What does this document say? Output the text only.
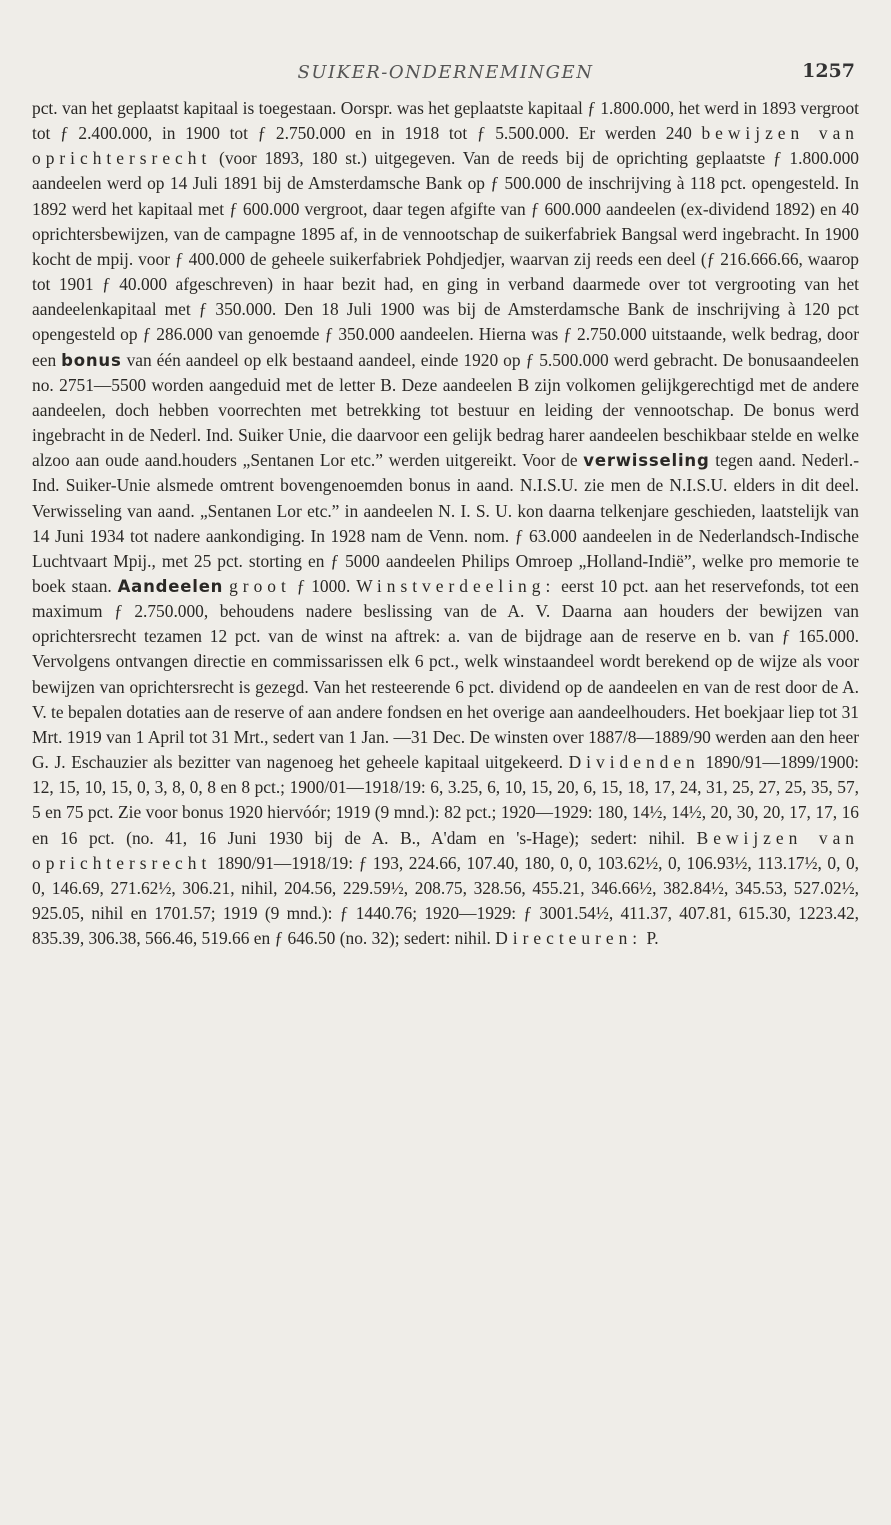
SUIKER-ONDERNEMINGEN	1257

pct. van het geplaatst kapitaal is toegestaan. Oorspr. was het geplaatste kapitaal ƒ 1.800.000, het werd in 1893 vergroot tot ƒ 2.400.000, in 1900 tot ƒ 2.750.000 en in 1918 tot ƒ 5.500.000. Er werden 240 bewijzen van oprichtersrecht (voor 1893, 180 st.) uitgegeven. Van de reeds bij de oprichting geplaatste ƒ 1.800.000 aandeelen werd op 14 Juli 1891 bij de Amsterdamsche Bank op ƒ 500.000 de inschrijving à 118 pct. opengesteld. In 1892 werd het kapitaal met ƒ 600.000 vergroot, daar tegen afgifte van ƒ 600.000 aandeelen (ex-dividend 1892) en 40 oprichtersbewijzen, van de campagne 1895 af, in de vennootschap de suikerfabriek Bangsal werd ingebracht. In 1900 kocht de mpij. voor ƒ 400.000 de geheele suikerfabriek Pohdjedjer, waarvan zij reeds een deel (ƒ 216.666.66, waarop tot 1901 ƒ 40.000 afgeschreven) in haar bezit had, en ging in verband daarmede over tot vergrooting van het aandeelenkapitaal met ƒ 350.000. Den 18 Juli 1900 was bij de Amsterdamsche Bank de inschrijving à 120 pct opengesteld op ƒ 286.000 van genoemde ƒ 350.000 aandeelen. Hierna was ƒ 2.750.000 uitstaande, welk bedrag, door een bonus van één aandeel op elk bestaand aandeel, einde 1920 op ƒ 5.500.000 werd gebracht. De bonusaandeelen no. 2751—5500 worden aangeduid met de letter B. Deze aandeelen B zijn volkomen gelijkgerechtigd met de andere aandeelen, doch hebben voorrechten met betrekking tot bestuur en leiding der vennootschap. De bonus werd ingebracht in de Nederl. Ind. Suiker Unie, die daarvoor een gelijk bedrag harer aandeelen beschikbaar stelde en welke alzoo aan oude aand.houders „Sentanen Lor etc.” werden uitgereikt. Voor de verwisseling tegen aand. Nederl.-Ind. Suiker-Unie alsmede omtrent bovengenoemden bonus in aand. N.I.S.U. zie men de N.I.S.U. elders in dit deel. Verwisseling van aand. „Sentanen Lor etc.” in aandeelen N. I. S. U. kon daarna telkenjare geschieden, laatstelijk van 14 Juni 1934 tot nadere aankondiging. In 1928 nam de Venn. nom. ƒ 63.000 aandeelen in de Nederlandsch-Indische Luchtvaart Mpij., met 25 pct. storting en ƒ 5000 aandeelen Philips Omroep „Holland-Indië”, welke pro memorie te boek staan. Aandeelen groot ƒ 1000. Winstverdeeling: eerst 10 pct. aan het reservefonds, tot een maximum ƒ 2.750.000, behoudens nadere beslissing van de A. V. Daarna aan houders der bewijzen van oprichtersrecht tezamen 12 pct. van de winst na aftrek: a. van de bijdrage aan de reserve en b. van ƒ 165.000. Vervolgens ontvangen directie en commissarissen elk 6 pct., welk winstaandeel wordt berekend op de wijze als voor bewijzen van oprichtersrecht is gezegd. Van het resteerende 6 pct. dividend op de aandeelen en van de rest door de A. V. te bepalen dotaties aan de reserve of aan andere fondsen en het overige aan aandeelhouders. Het boekjaar liep tot 31 Mrt. 1919 van 1 April tot 31 Mrt., sedert van 1 Jan. —31 Dec. De winsten over 1887/8—1889/90 werden aan den heer G. J. Eschauzier als bezitter van nagenoeg het geheele kapitaal uitgekeerd. Dividenden 1890/91—1899/1900: 12, 15, 10, 15, 0, 3, 8, 0, 8 en 8 pct.; 1900/01—1918/19: 6, 3.25, 6, 10, 15, 20, 6, 15, 18, 17, 24, 31, 25, 27, 25, 35, 57, 5 en 75 pct. Zie voor bonus 1920 hiervóór; 1919 (9 mnd.): 82 pct.; 1920—1929: 180, 14½, 14½, 20, 30, 20, 17, 17, 16 en 16 pct. (no. 41, 16 Juni 1930 bij de A. B., A'dam en 's-Hage); sedert: nihil. Bewijzen van oprichtersrecht 1890/91—1918/19: ƒ 193, 224.66, 107.40, 180, 0, 0, 103.62½, 0, 106.93½, 113.17½, 0, 0, 0, 146.69, 271.62½, 306.21, nihil, 204.56, 229.59½, 208.75, 328.56, 455.21, 346.66½, 382.84½, 345.53, 527.02½, 925.05, nihil en 1701.57; 1919 (9 mnd.): ƒ 1440.76; 1920—1929: ƒ 3001.54½, 411.37, 407.81, 615.30, 1223.42, 835.39, 306.38, 566.46, 519.66 en ƒ 646.50 (no. 32); sedert: nihil. Directeuren: P.
